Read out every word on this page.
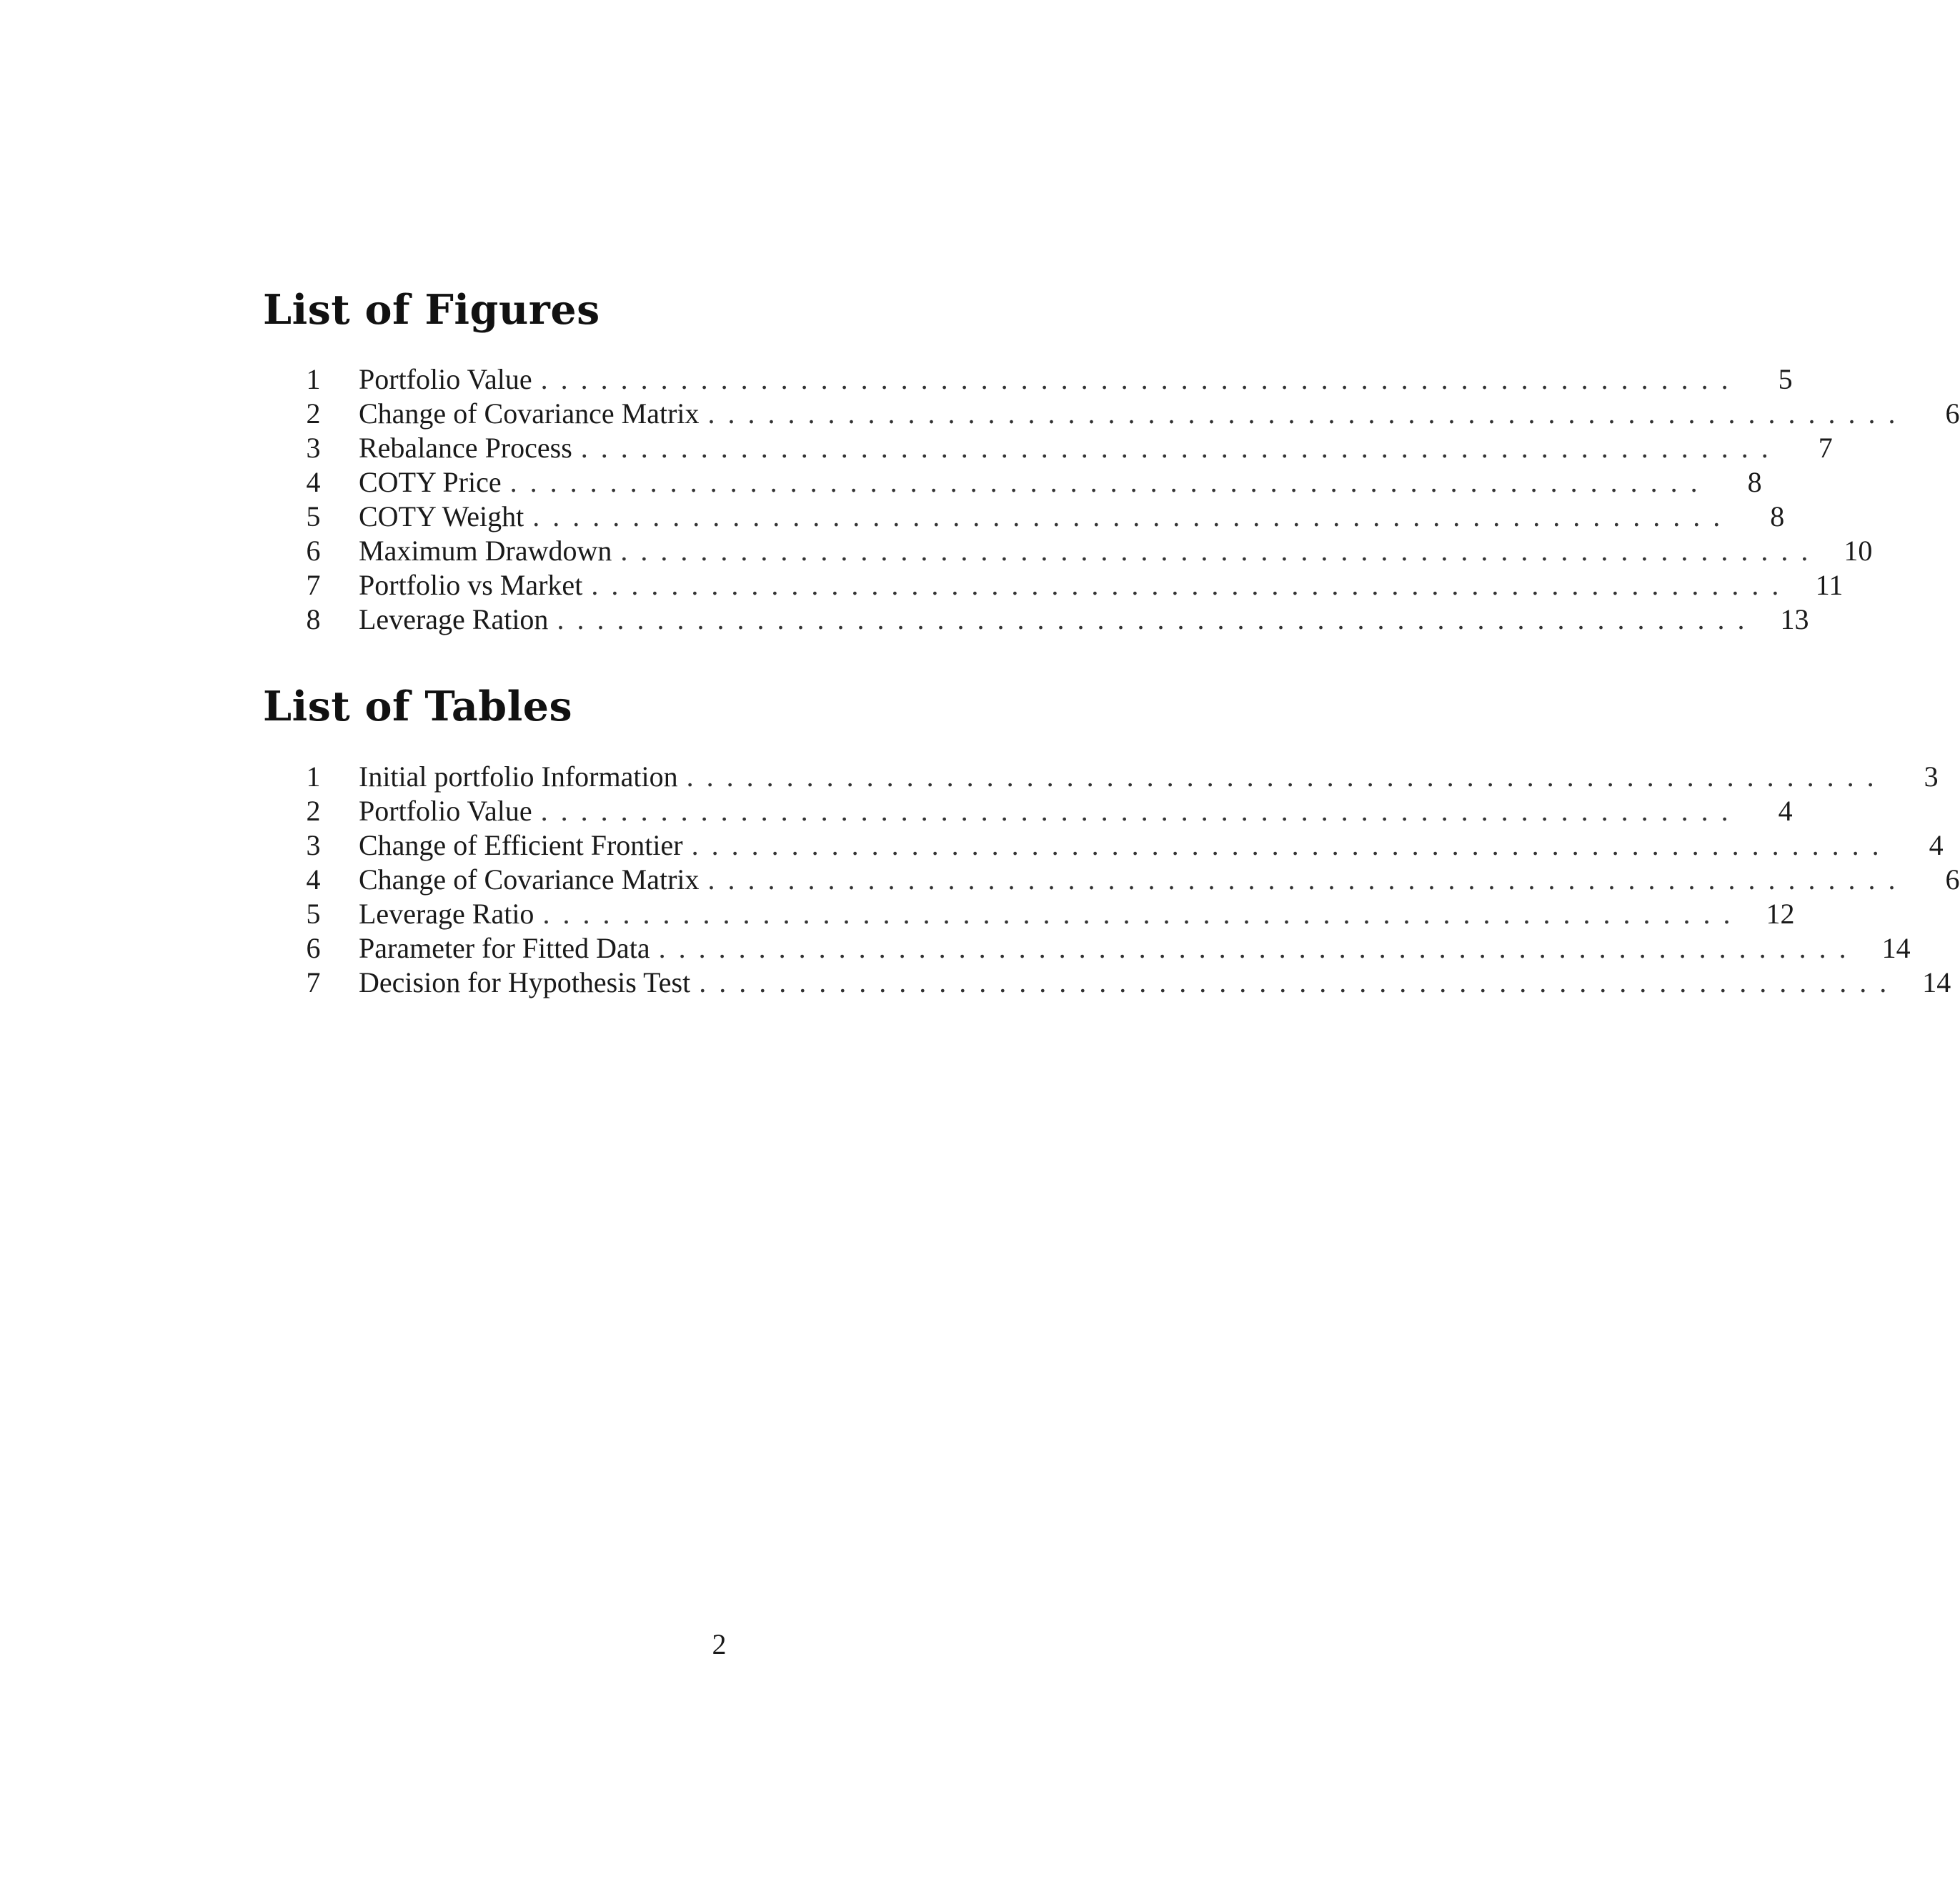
List of Figures
1 Portfolio Value ............................................................	5
2 Change of Covariance Matrix ............................................................	6
3 Rebalance Process ............................................................	7
4 COTY Price ............................................................	8
5 COTY Weight ............................................................	8
6 Maximum Drawdown ............................................................ 10
7 Portfolio vs Market ............................................................ 11
8 Leverage Ration ............................................................ 13
List of Tables
1 Initial portfolio Information ............................................................	3
2 Portfolio Value ............................................................	4
3 Change of Efficient Frontier ............................................................	4
4 Change of Covariance Matrix ............................................................	6
5 Leverage Ratio ............................................................ 12
6 Parameter for Fitted Data ............................................................ 14
7 Decision for Hypothesis Test ............................................................ 14
2
